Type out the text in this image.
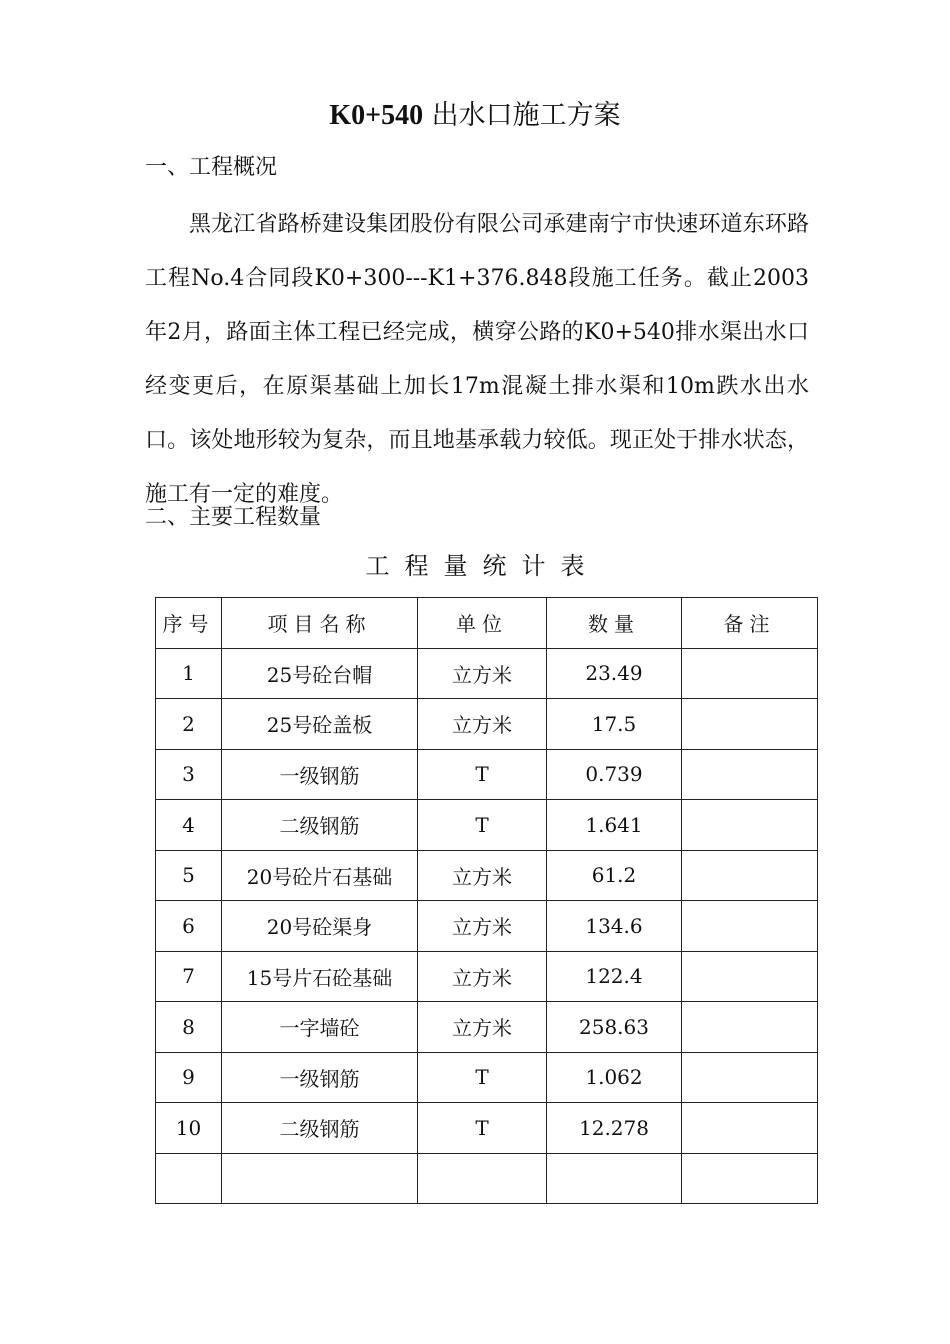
K0+540 出水口施工方案
一、工程概况
黑龙江省路桥建设集团股份有限公司承建南宁市快速环道东环路工程No.4合同段K0+300---K1+376.848段施工任务。截止2003年2月，路面主体工程已经完成，横穿公路的K0+540排水渠出水口经变更后，在原渠基础上加长17m混凝土排水渠和10m跌水出水口。该处地形较为复杂，而且地基承载力较低。现正处于排水状态，施工有一定的难度。
二、主要工程数量
工程量统计表
序号	项目名称	单位	数量	备注
1	25号砼台帽	立方米	23.49	
2	25号砼盖板	立方米	17.5	
3	一级钢筋	T	0.739	
4	二级钢筋	T	1.641	
5	20号砼片石基础	立方米	61.2	
6	20号砼渠身	立方米	134.6	
7	15号片石砼基础	立方米	122.4	
8	一字墙砼	立方米	258.63	
9	一级钢筋	T	1.062	
10	二级钢筋	T	12.278	
